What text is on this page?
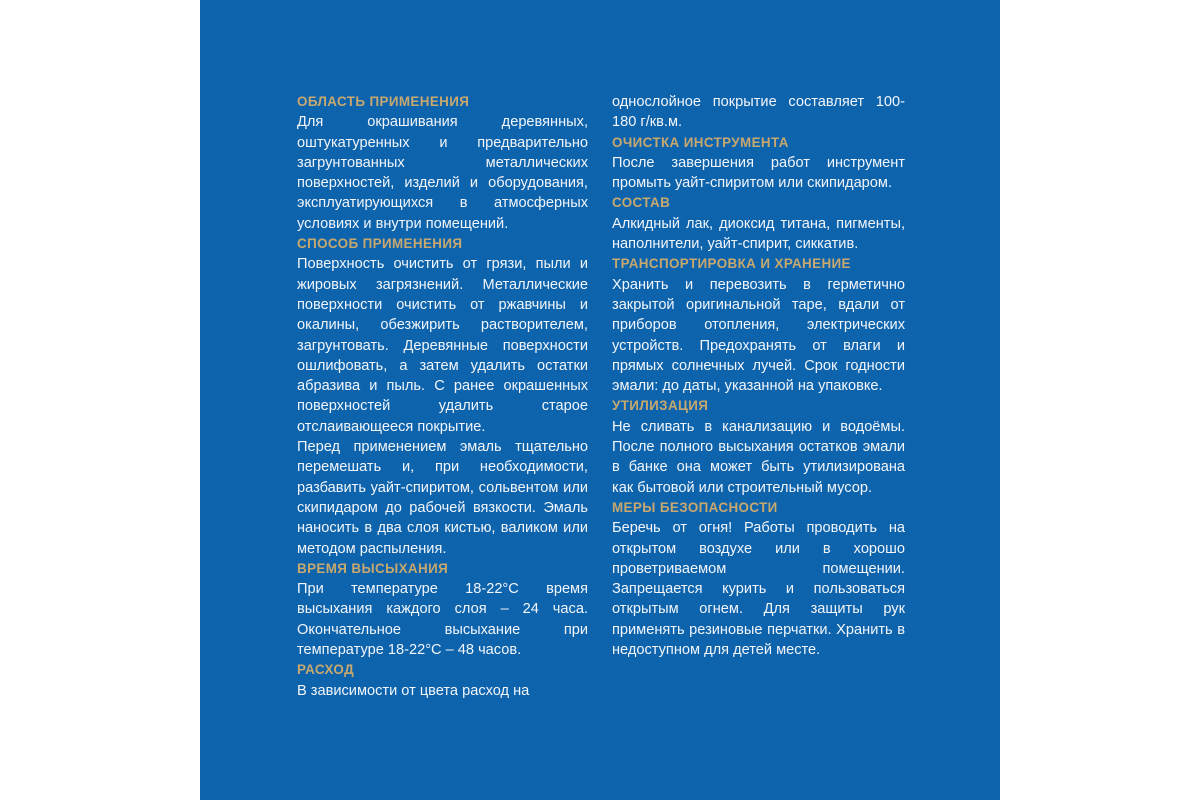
ОБЛАСТЬ ПРИМЕНЕНИЯ

Для окрашивания деревянных, оштукатуренных и предварительно загрунтованных металлических поверхностей, изделий и оборудования, эксплуатирующихся в атмосферных условиях и внутри помещений.

СПОСОБ ПРИМЕНЕНИЯ

Поверхность очистить от грязи, пыли и жировых загрязнений. Металлические поверхности очистить от ржавчины и окалины, обезжирить растворителем, загрунтовать. Деревянные поверхности ошлифовать, а затем удалить остатки абразива и пыль. С ранее окрашенных поверхностей удалить старое отслаивающееся покрытие.

Перед применением эмаль тщательно перемешать и, при необходимости, разбавить уайт-спиритом, сольвентом или скипидаром до рабочей вязкости. Эмаль наносить в два слоя кистью, валиком или методом распыления.

ВРЕМЯ ВЫСЫХАНИЯ

При температуре 18-22°С время высыхания каждого слоя – 24 часа. Окончательное высыхание при температуре 18-22°С – 48 часов.

РАСХОД

В зависимости от цвета расход на

однослойное покрытие составляет 100-180 г/кв.м.

ОЧИСТКА ИНСТРУМЕНТА

После завершения работ инструмент промыть уайт-спиритом или скипидаром.

СОСТАВ

Алкидный лак, диоксид титана, пигменты, наполнители, уайт-спирит, сиккатив.

ТРАНСПОРТИРОВКА И ХРАНЕНИЕ

Хранить и перевозить в герметично закрытой оригинальной таре, вдали от приборов отопления, электрических устройств. Предохранять от влаги и прямых солнечных лучей. Срок годности эмали: до даты, указанной на упаковке.

УТИЛИЗАЦИЯ

Не сливать в канализацию и водоёмы. После полного высыхания остатков эмали в банке она может быть утилизирована как бытовой или строительный мусор.

МЕРЫ БЕЗОПАСНОСТИ

Беречь от огня! Работы проводить на открытом воздухе или в хорошо проветриваемом помещении. Запрещается курить и пользоваться открытым огнем. Для защиты рук применять резиновые перчатки. Хранить в недоступном для детей месте.
